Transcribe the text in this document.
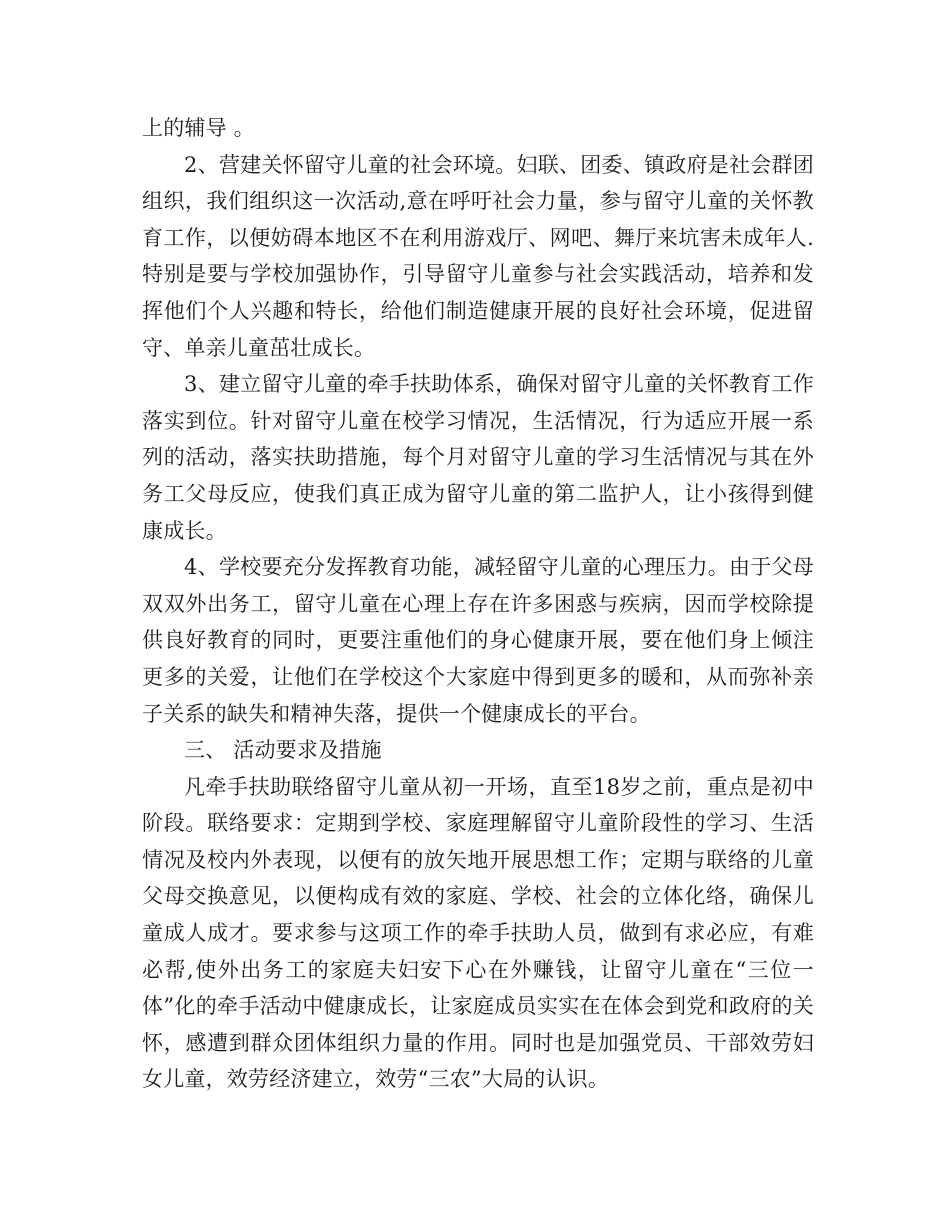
上的辅导 。

2、营建关怀留守儿童的社会环境。妇联、团委、镇政府是社会群团组织，我们组织这一次活动,意在呼吁社会力量，参与留守儿童的关怀教育工作，以便妨碍本地区不在利用游戏厅、网吧、舞厅来坑害未成年人.特别是要与学校加强协作，引导留守儿童参与社会实践活动，培养和发挥他们个人兴趣和特长，给他们制造健康开展的良好社会环境，促进留守、单亲儿童茁壮成长。

3、建立留守儿童的牵手扶助体系，确保对留守儿童的关怀教育工作落实到位。针对留守儿童在校学习情况，生活情况，行为适应开展一系列的活动，落实扶助措施，每个月对留守儿童的学习生活情况与其在外务工父母反应，使我们真正成为留守儿童的第二监护人，让小孩得到健康成长。

4、学校要充分发挥教育功能，减轻留守儿童的心理压力。由于父母双双外出务工，留守儿童在心理上存在许多困惑与疾病，因而学校除提供良好教育的同时，更要注重他们的身心健康开展，要在他们身上倾注更多的关爱，让他们在学校这个大家庭中得到更多的暖和，从而弥补亲子关系的缺失和精神失落，提供一个健康成长的平台。

三、 活动要求及措施

凡牵手扶助联络留守儿童从初一开场，直至18岁之前，重点是初中阶段。联络要求：定期到学校、家庭理解留守儿童阶段性的学习、生活情况及校内外表现，以便有的放矢地开展思想工作；定期与联络的儿童父母交换意见，以便构成有效的家庭、学校、社会的立体化络，确保儿童成人成才。要求参与这项工作的牵手扶助人员，做到有求必应，有难必帮,使外出务工的家庭夫妇安下心在外赚钱，让留守儿童在“三位一体”化的牵手活动中健康成长，让家庭成员实实在在体会到党和政府的关怀，感遭到群众团体组织力量的作用。同时也是加强党员、干部效劳妇女儿童，效劳经济建立，效劳“三农”大局的认识。
